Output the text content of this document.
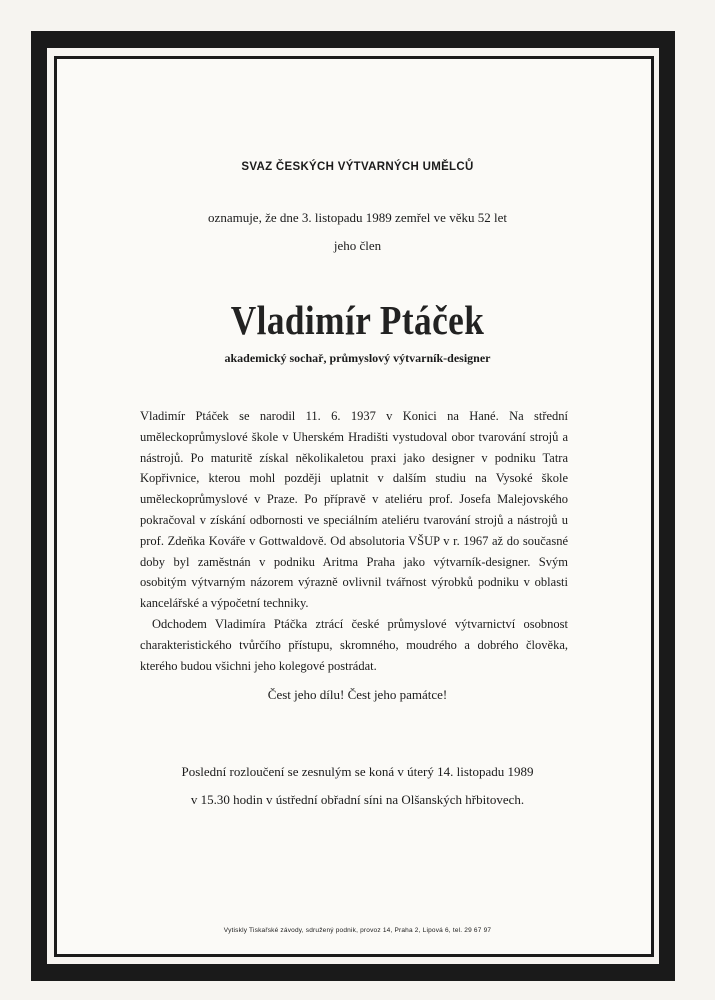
SVAZ ČESKÝCH VÝTVARNÝCH UMĚLCŮ
oznamuje, že dne 3. listopadu 1989 zemřel ve věku 52 let
jeho člen
Vladimír Ptáček
akademický sochař, průmyslový výtvarník-designer

Vladimír Ptáček se narodil 11. 6. 1937 v Konici na Hané. Na střední uměleckoprůmyslové škole v Uherském Hradišti vystudoval obor tvarování strojů a nástrojů. Po maturitě získal několikaletou praxi jako designer v podniku Tatra Kopřivnice, kterou mohl později uplatnit v dalším studiu na Vysoké škole uměleckoprůmyslové v Praze. Po přípravě v ateliéru prof. Josefa Malejovského pokračoval v získání odbornosti ve speciálním ateliéru tvarování strojů a nástrojů u prof. Zdeňka Kováře v Gottwaldově. Od absolutoria VŠUP v r. 1967 až do současné doby byl zaměstnán v podniku Aritma Praha jako výtvarník-designer. Svým osobitým výtvarným názorem výrazně ovlivnil tvářnost výrobků podniku v oblasti kancelářské a výpočetní techniky.

Odchodem Vladimíra Ptáčka ztrácí české průmyslové výtvarnictví osobnost charakteristického tvůrčího přístupu, skromného, moudrého a dobrého člověka, kterého budou všichni jeho kolegové postrádat.

Čest jeho dílu! Čest jeho památce!
Poslední rozloučení se zesnulým se koná v úterý 14. listopadu 1989
v 15.30 hodin v ústřední obřadní síni na Olšanských hřbitovech.
Vytiskly Tiskařské závody, sdružený podnik, provoz 14, Praha 2, Lipová 6, tel. 29 67 97
